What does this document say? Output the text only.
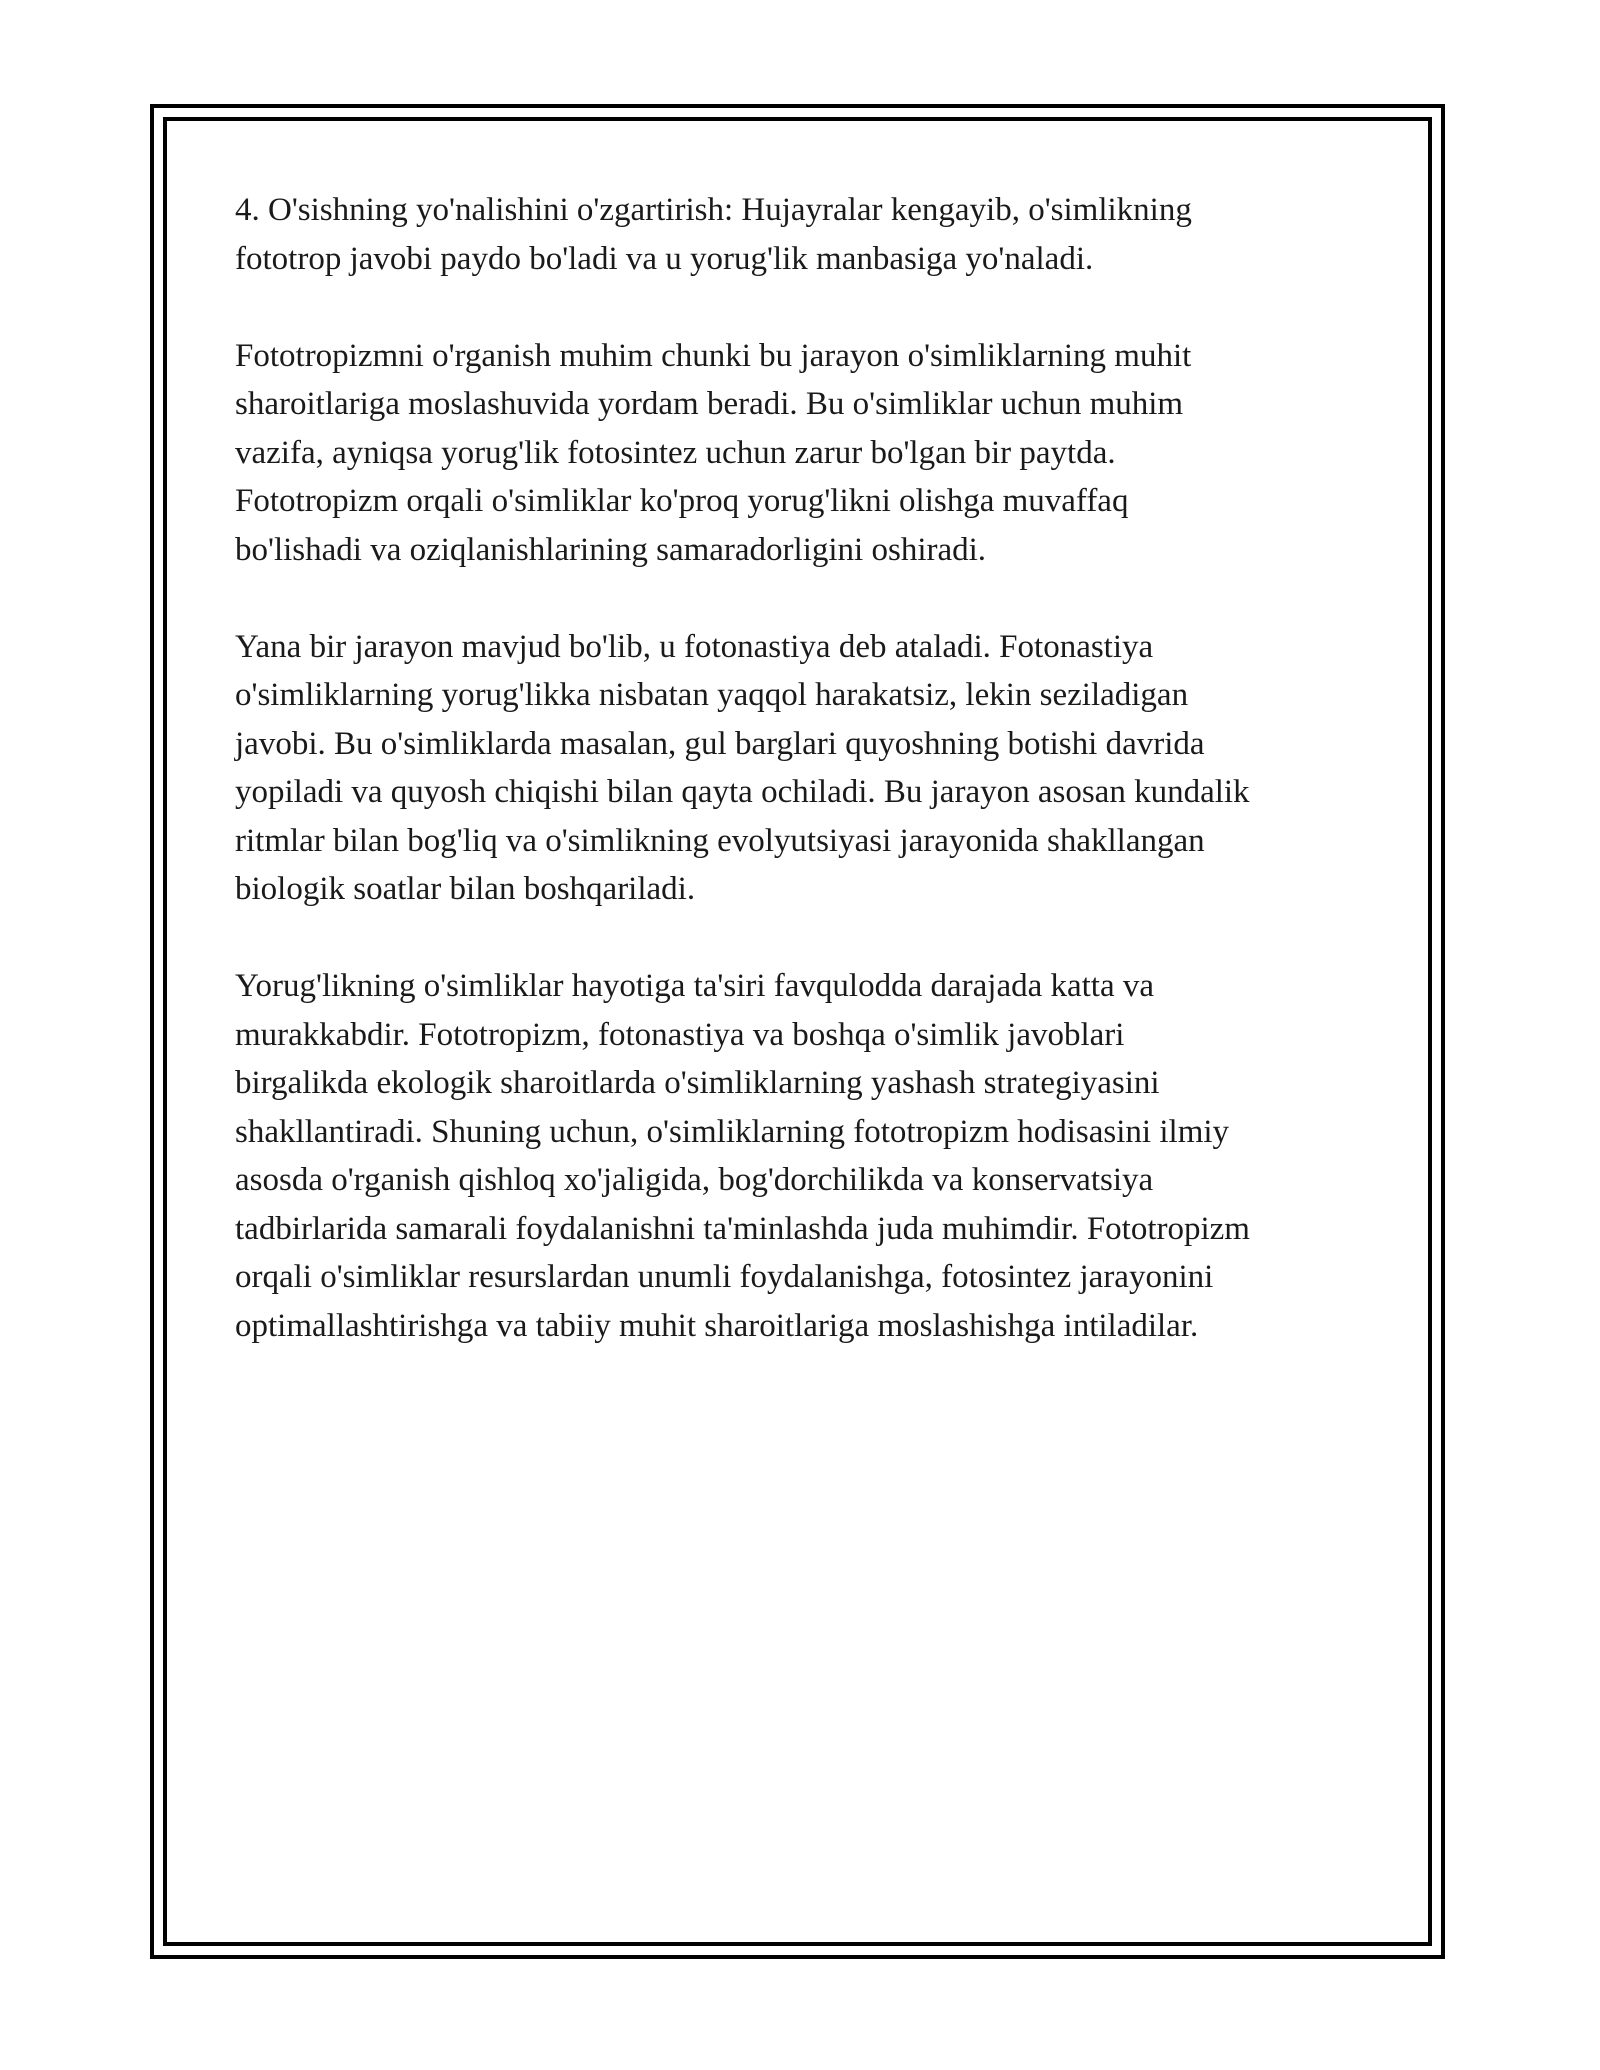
4. O'sishning yo'nalishini o'zgartirish: Hujayralar kengayib, o'simlikning
fototrop javobi paydo bo'ladi va u yorug'lik manbasiga yo'naladi.

Fototropizmni o'rganish muhim chunki bu jarayon o'simliklarning muhit
sharoitlariga moslashuvida yordam beradi. Bu o'simliklar uchun muhim
vazifa, ayniqsa yorug'lik fotosintez uchun zarur bo'lgan bir paytda.
Fototropizm orqali o'simliklar ko'proq yorug'likni olishga muvaffaq
bo'lishadi va oziqlanishlarining samaradorligini oshiradi.

Yana bir jarayon mavjud bo'lib, u fotonastiya deb ataladi. Fotonastiya
o'simliklarning yorug'likka nisbatan yaqqol harakatsiz, lekin seziladigan
javobi. Bu o'simliklarda masalan, gul barglari quyoshning botishi davrida
yopiladi va quyosh chiqishi bilan qayta ochiladi. Bu jarayon asosan kundalik
ritmlar bilan bog'liq va o'simlikning evolyutsiyasi jarayonida shakllangan
biologik soatlar bilan boshqariladi.

Yorug'likning o'simliklar hayotiga ta'siri favqulodda darajada katta va
murakkabdir. Fototropizm, fotonastiya va boshqa o'simlik javoblari
birgalikda ekologik sharoitlarda o'simliklarning yashash strategiyasini
shakllantiradi. Shuning uchun, o'simliklarning fototropizm hodisasini ilmiy
asosda o'rganish qishloq xo'jaligida, bog'dorchilikda va konservatsiya
tadbirlarida samarali foydalanishni ta'minlashda juda muhimdir. Fototropizm
orqali o'simliklar resurslardan unumli foydalanishga, fotosintez jarayonini
optimallashtirishga va tabiiy muhit sharoitlariga moslashishga intiladilar.
